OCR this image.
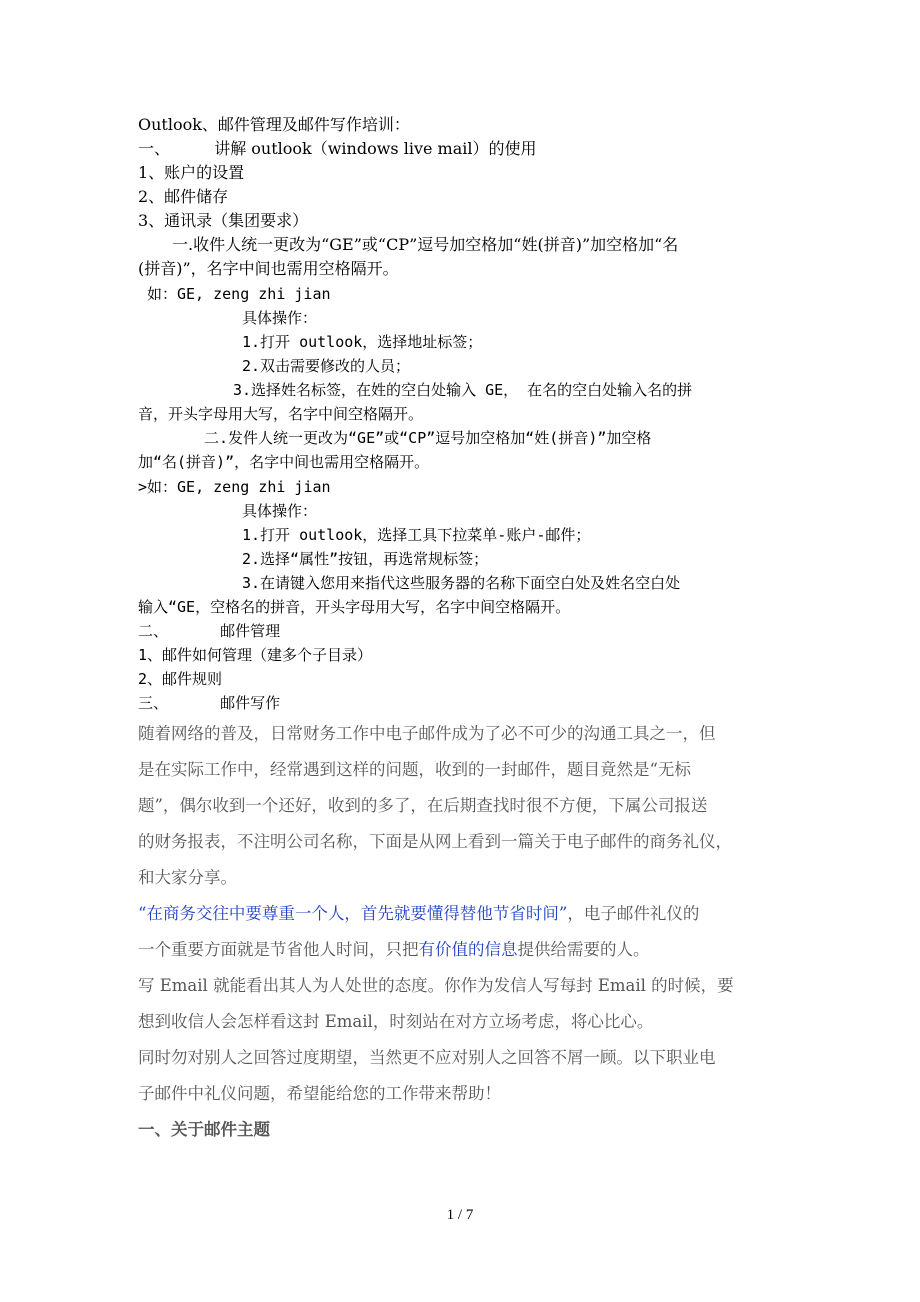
Outlook、邮件管理及邮件写作培训：
一、	讲解 outlook（windows live mail）的使用
1、账户的设置
2、邮件储存
3、通讯录（集团要求）
一.收件人统一更改为“GE”或“CP”逗号加空格加“姓(拼音)”加空格加“名
(拼音)”，名字中间也需用空格隔开。
如：GE, zeng zhi jian
具体操作：
1.打开 outlook，选择地址标签；
2.双击需要修改的人员；
3.选择姓名标签，在姓的空白处输入 GE， 在名的空白处输入名的拼
音，开头字母用大写，名字中间空格隔开。
二.发件人统一更改为“GE”或“CP”逗号加空格加“姓(拼音)”加空格
加“名(拼音)”，名字中间也需用空格隔开。
>如：GE, zeng zhi jian
具体操作：
1.打开 outlook，选择工具下拉菜单-账户-邮件；
2.选择“属性”按钮，再选常规标签；
3.在请键入您用来指代这些服务器的名称下面空白处及姓名空白处
输入“GE，空格名的拼音，开头字母用大写，名字中间空格隔开。
二、	邮件管理
1、邮件如何管理（建多个子目录）
2、邮件规则
三、	邮件写作
随着网络的普及，日常财务工作中电子邮件成为了必不可少的沟通工具之一，但
是在实际工作中，经常遇到这样的问题，收到的一封邮件，题目竟然是“无标
题”，偶尔收到一个还好，收到的多了，在后期查找时很不方便，下属公司报送
的财务报表，不注明公司名称，下面是从网上看到一篇关于电子邮件的商务礼仪，
和大家分享。
“在商务交往中要尊重一个人，首先就要懂得替他节省时间”，电子邮件礼仪的
一个重要方面就是节省他人时间，只把有价值的信息提供给需要的人。
写 Email 就能看出其人为人处世的态度。你作为发信人写每封 Email 的时候，要
想到收信人会怎样看这封 Email，时刻站在对方立场考虑，将心比心。
同时勿对别人之回答过度期望，当然更不应对别人之回答不屑一顾。以下职业电
子邮件中礼仪问题，希望能给您的工作带来帮助！
一、关于邮件主题
1 / 7
